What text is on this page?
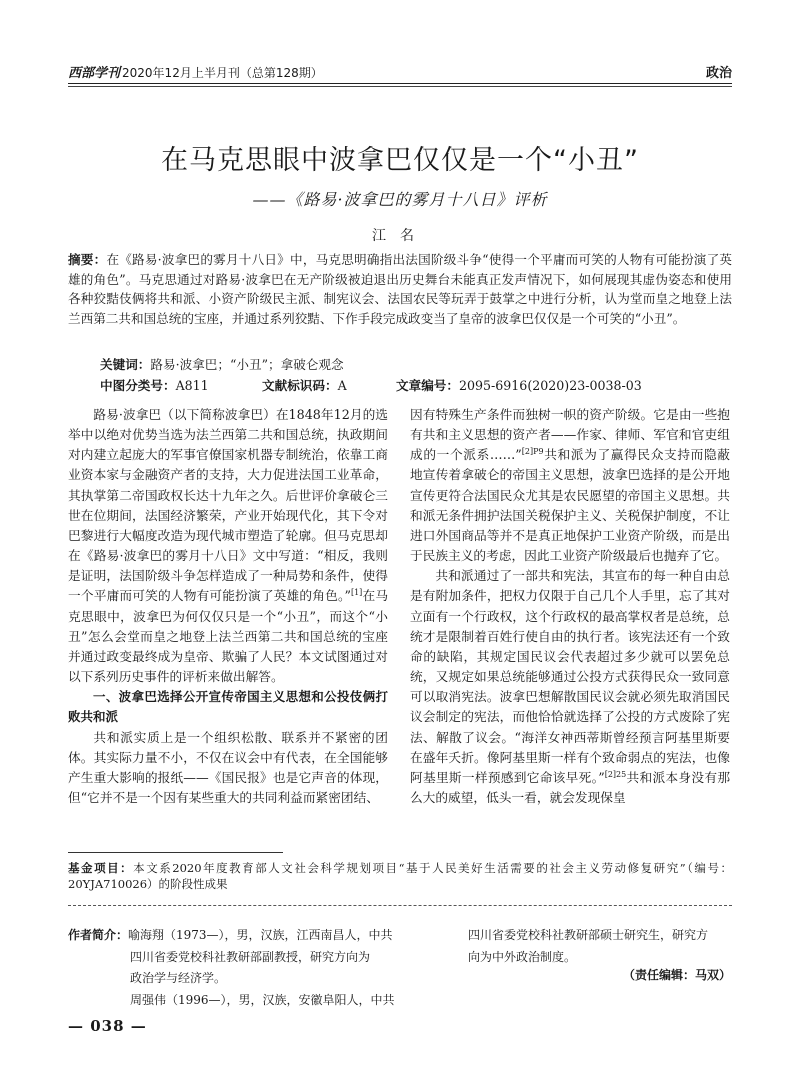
西部学刊 2020年12月上半月刊（总第128期）	政治
在马克思眼中波拿巴仅仅是一个“小丑”
——《路易·波拿巴的雾月十八日》评析
江名
摘要：在《路易·波拿巴的雾月十八日》中，马克思明确指出法国阶级斗争“使得一个平庸而可笑的人物有可能扮演了英雄的角色”。马克思通过对路易·波拿巴在无产阶级被迫退出历史舞台未能真正发声情况下，如何展现其虚伪姿态和使用各种狡黠伎俩将共和派、小资产阶级民主派、制宪议会、法国农民等玩弄于鼓掌之中进行分析，认为堂而皇之地登上法兰西第二共和国总统的宝座，并通过系列狡黠、下作手段完成政变当了皇帝的波拿巴仅仅是一个可笑的“小丑”。
关键词：路易·波拿巴；“小丑”；拿破仑观念
中图分类号：A811	文献标识码：A	文章编号：2095-6916(2020)23-0038-03

路易·波拿巴（以下简称波拿巴）在1848年12月的选举中以绝对优势当选为法兰西第二共和国总统，执政期间对内建立起庞大的军事官僚国家机器专制统治，依靠工商业资本家与金融资产者的支持，大力促进法国工业革命，其执掌第二帝国政权长达十九年之久。后世评价拿破仑三世在位期间，法国经济繁荣，产业开始现代化，其下令对巴黎进行大幅度改造为现代城市塑造了轮廓。但马克思却在《路易·波拿巴的雾月十八日》文中写道：“相反，我则是证明，法国阶级斗争怎样造成了一种局势和条件，使得一个平庸而可笑的人物有可能扮演了英雄的角色。”[1]在马克思眼中，波拿巴为何仅仅只是一个“小丑”，而这个“小丑”怎么会堂而皇之地登上法兰西第二共和国总统的宝座并通过政变最终成为皇帝、欺骗了人民？本文试图通过对以下系列历史事件的评析来做出解答。

一、波拿巴选择公开宣传帝国主义思想和公投伎俩打败共和派

共和派实质上是一个组织松散、联系并不紧密的团体。其实际力量不小，不仅在议会中有代表，在全国能够产生重大影响的报纸——《国民报》也是它声音的体现，但“它并不是一个因有某些重大的共同利益而紧密团结、

因有特殊生产条件而独树一帜的资产阶级。它是由一些抱有共和主义思想的资产者——作家、律师、军官和官吏组成的一个派系……”$^{[2]P9}$共和派为了赢得民众支持而隐蔽地宣传着拿破仑的帝国主义思想，波拿巴选择的是公开地宣传更符合法国民众尤其是农民愿望的帝国主义思想。共和派无条件拥护法国关税保护主义、关税保护制度，不让进口外国商品等并不是真正地保护工业资产阶级，而是出于民族主义的考虑，因此工业资产阶级最后也抛弃了它。

共和派通过了一部共和宪法，其宣布的每一种自由总是有附加条件，把权力仅限于自己几个人手里，忘了其对立面有一个行政权，这个行政权的最高掌权者是总统，总统才是限制着百姓行使自由的执行者。该宪法还有一个致命的缺陷，其规定国民议会代表超过多少就可以罢免总统，又规定如果总统能够通过公投方式获得民众一致同意可以取消宪法。波拿巴想解散国民议会就必须先取消国民议会制定的宪法，而他恰恰就选择了公投的方式废除了宪法、解散了议会。“海洋女神西蒂斯曾经预言阿基里斯要在盛年夭折。像阿基里斯一样有个致命弱点的宪法，也像阿基里斯一样预感到它命该早死。”$^{[2]25}$共和派本身没有那么大的威望，低头一看，就会发现保皇

基金项目：本文系2020年度教育部人文社会科学规划项目“基于人民美好生活需要的社会主义劳动修复研究”（编号：20YJA710026）的阶段性成果
作者简介：喻海翔（1973—），男，汉族，江西南昌人，中共
四川省委党校科社教研部副教授，研究方向为
政治学与经济学。
周强伟（1996—），男，汉族，安徽阜阳人，中共
四川省委党校科社教研部硕士研究生，研究方
向为中外政治制度。
（责任编辑：马双）
— 038 —
